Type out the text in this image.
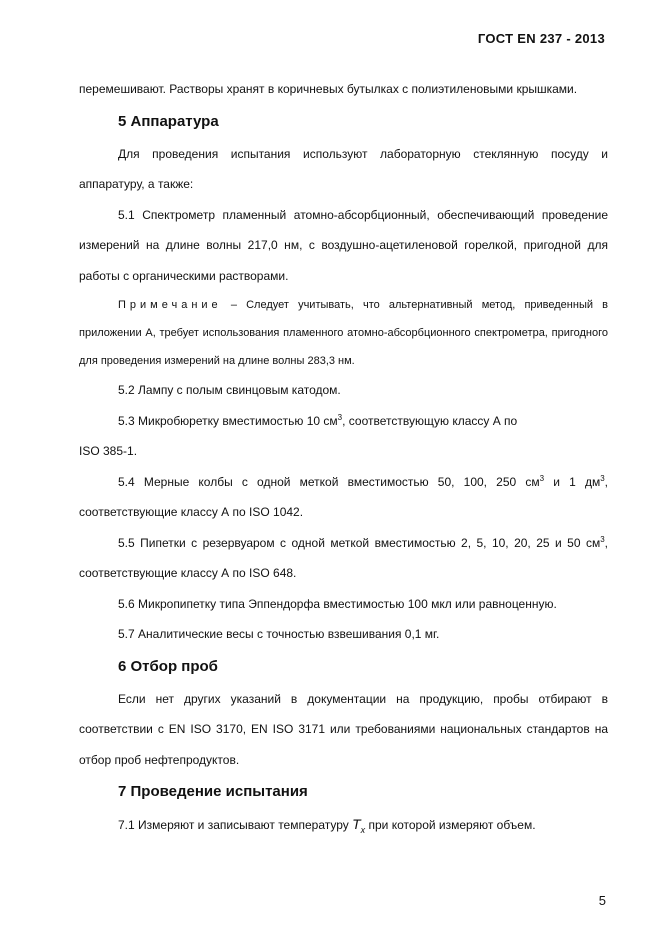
ГОСТ EN 237 - 2013

перемешивают. Растворы хранят в коричневых бутылках с полиэтиленовыми крышками.

5 Аппаратура

Для проведения испытания используют лабораторную стеклянную посуду и аппаратуру, а также:

5.1 Спектрометр пламенный атомно-абсорбционный, обеспечивающий проведение измерений на длине волны 217,0 нм, с воздушно-ацетиленовой горелкой, пригодной для работы с органическими растворами.

Примечание – Следует учитывать, что альтернативный метод, приведенный в приложении А, требует использования пламенного атомно-абсорбционного спектрометра, пригодного для проведения измерений на длине волны 283,3 нм.

5.2 Лампу с полым свинцовым катодом.

5.3 Микробюретку вместимостью 10 $см^3$, соответствующую классу А по

ISO 385-1.

5.4 Мерные колбы с одной меткой вместимостью 50, 100, 250 $см^3$ и 1 $дм^3$, соответствующие классу А по ISO 1042.

5.5 Пипетки с резервуаром с одной меткой вместимостью 2, 5, 10, 20, 25 и 50 $см^3$, соответствующие классу А по ISO 648.

5.6 Микропипетку типа Эппендорфа вместимостью 100 мкл или равноценную.

5.7 Аналитические весы с точностью взвешивания 0,1 мг.

6 Отбор проб

Если нет других указаний в документации на продукцию, пробы отбирают в соответствии с EN ISO 3170, EN ISO 3171 или требованиями национальных стандартов на отбор проб нефтепродуктов.

7 Проведение испытания

7.1 Измеряют и записывают температуру $T_x$ при которой измеряют объем.

5
